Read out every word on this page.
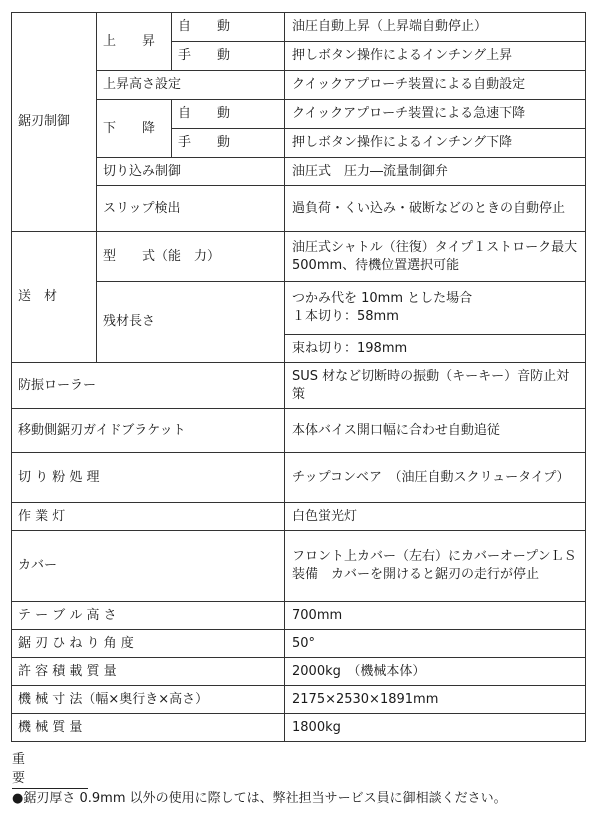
鋸刃制御	上　　昇	自　　動	油圧自動上昇（上昇端自動停止）
		手　　動	押しボタン操作によるインチング上昇
	上昇高さ設定		クイックアプローチ装置による自動設定
	下　　降	自　　動	クイックアプローチ装置による急速下降
		手　　動	押しボタン操作によるインチング下降
	切り込み制御		油圧式　圧力―流量制御弁
	スリップ検出		過負荷・くい込み・破断などのときの自動停止
送　材	型　　式（能　力）		油圧式シャトル（往復）タイプ１ストローク最大 500mm、待機位置選択可能
	残材長さ		つかみ代を 10mm とした場合
１本切り：58mm

			束ね切り：198mm
防振ローラー			SUS 材など切断時の振動（キーキー）音防止対策
移動側鋸刃ガイドブラケット			本体バイス開口幅に合わせ自動追従
切 り 粉 処 理			チップコンベア　（油圧自動スクリュータイプ）
作 業 灯			白色蛍光灯
カバー			フロント上カバー（左右）にカバーオープンＬＳ装備　カバーを開けると鋸刃の走行が停止
テ ー ブ ル 高 さ			700mm
鋸 刃 ひ ね り 角 度			50°
許 容 積 載 質 量			2000kg　（機械本体）
機 械 寸 法（幅×奥行き×高さ）			2175×2530×1891mm
機 械 質 量			1800kg
重　要
●鋸刃厚さ 0.9mm 以外の使用に際しては、弊社担当サービス員に御相談ください。
